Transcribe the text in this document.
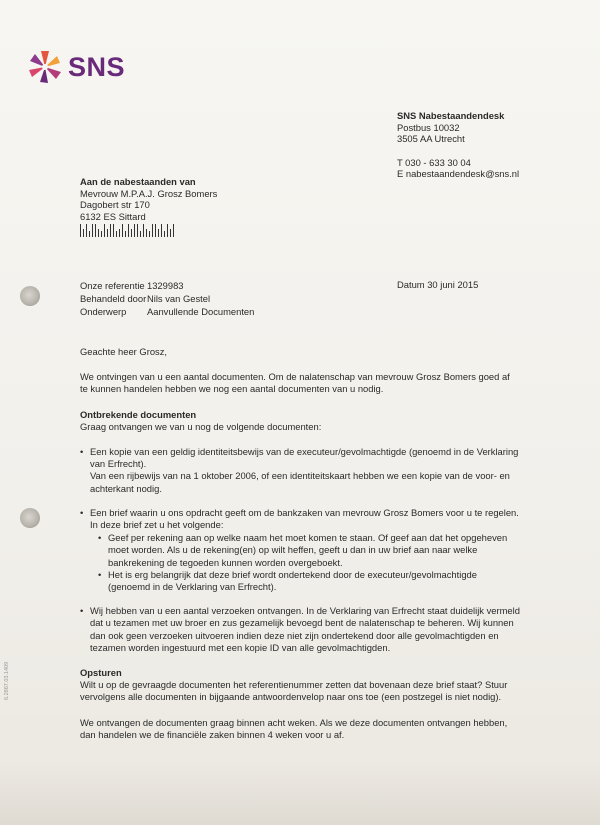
SNS
SNS Nabestaandendesk
Postbus 10032
3505 AA Utrecht
T 030 - 633 30 04
E nabestaandendesk@sns.nl
Aan de nabestaanden van
Mevrouw M.P.A.J. Grosz Bomers
Dagobert str 170
6132 ES Sittard
Onze referentie 1329983
Behandeld door Nils van Gestel
Onderwerp	Aanvullende Documenten
Datum 30 juni 2015

Geachte heer Grosz,

We ontvingen van u een aantal documenten. Om de nalatenschap van mevrouw Grosz Bomers goed af te kunnen handelen hebben we nog een aantal documenten van u nodig.

Ontbrekende documenten

Graag ontvangen we van u nog de volgende documenten:

• Een kopie van een geldig identiteitsbewijs van de executeur/gevolmachtigde (genoemd in de Verklaring van Erfrecht).
Van een rijbewijs van na 1 oktober 2006, of een identiteitskaart hebben we een kopie van de voor- en achterkant nodig.
• Een brief waarin u ons opdracht geeft om de bankzaken van mevrouw Grosz Bomers voor u te regelen. In deze brief zet u het volgende:
• Geef per rekening aan op welke naam het moet komen te staan. Of geef aan dat het opgeheven moet worden. Als u de rekening(en) op wilt heffen, geeft u dan in uw brief aan naar welke bankrekening de tegoeden kunnen worden overgeboekt.
• Het is erg belangrijk dat deze brief wordt ondertekend door de executeur/gevolmachtigde (genoemd in de Verklaring van Erfrecht).
• Wij hebben van u een aantal verzoeken ontvangen. In de Verklaring van Erfrecht staat duidelijk vermeld dat u tezamen met uw broer en zus gezamelijk bevoegd bent de nalatenschap te beheren. Wij kunnen dan ook geen verzoeken uitvoeren indien deze niet zijn ondertekend door alle gevolmachtigden en tezamen worden ingestuurd met een kopie ID van alle gevolmachtigden.

Opsturen

Wilt u op de gevraagde documenten het referentienummer zetten dat bovenaan deze brief staat? Stuur vervolgens alle documenten in bijgaande antwoordenvelop naar ons toe (een postzegel is niet nodig).

We ontvangen de documenten graag binnen acht weken. Als we deze documenten ontvangen hebben, dan handelen we de financiële zaken binnen 4 weken voor u af.

6.2867.03.1409
